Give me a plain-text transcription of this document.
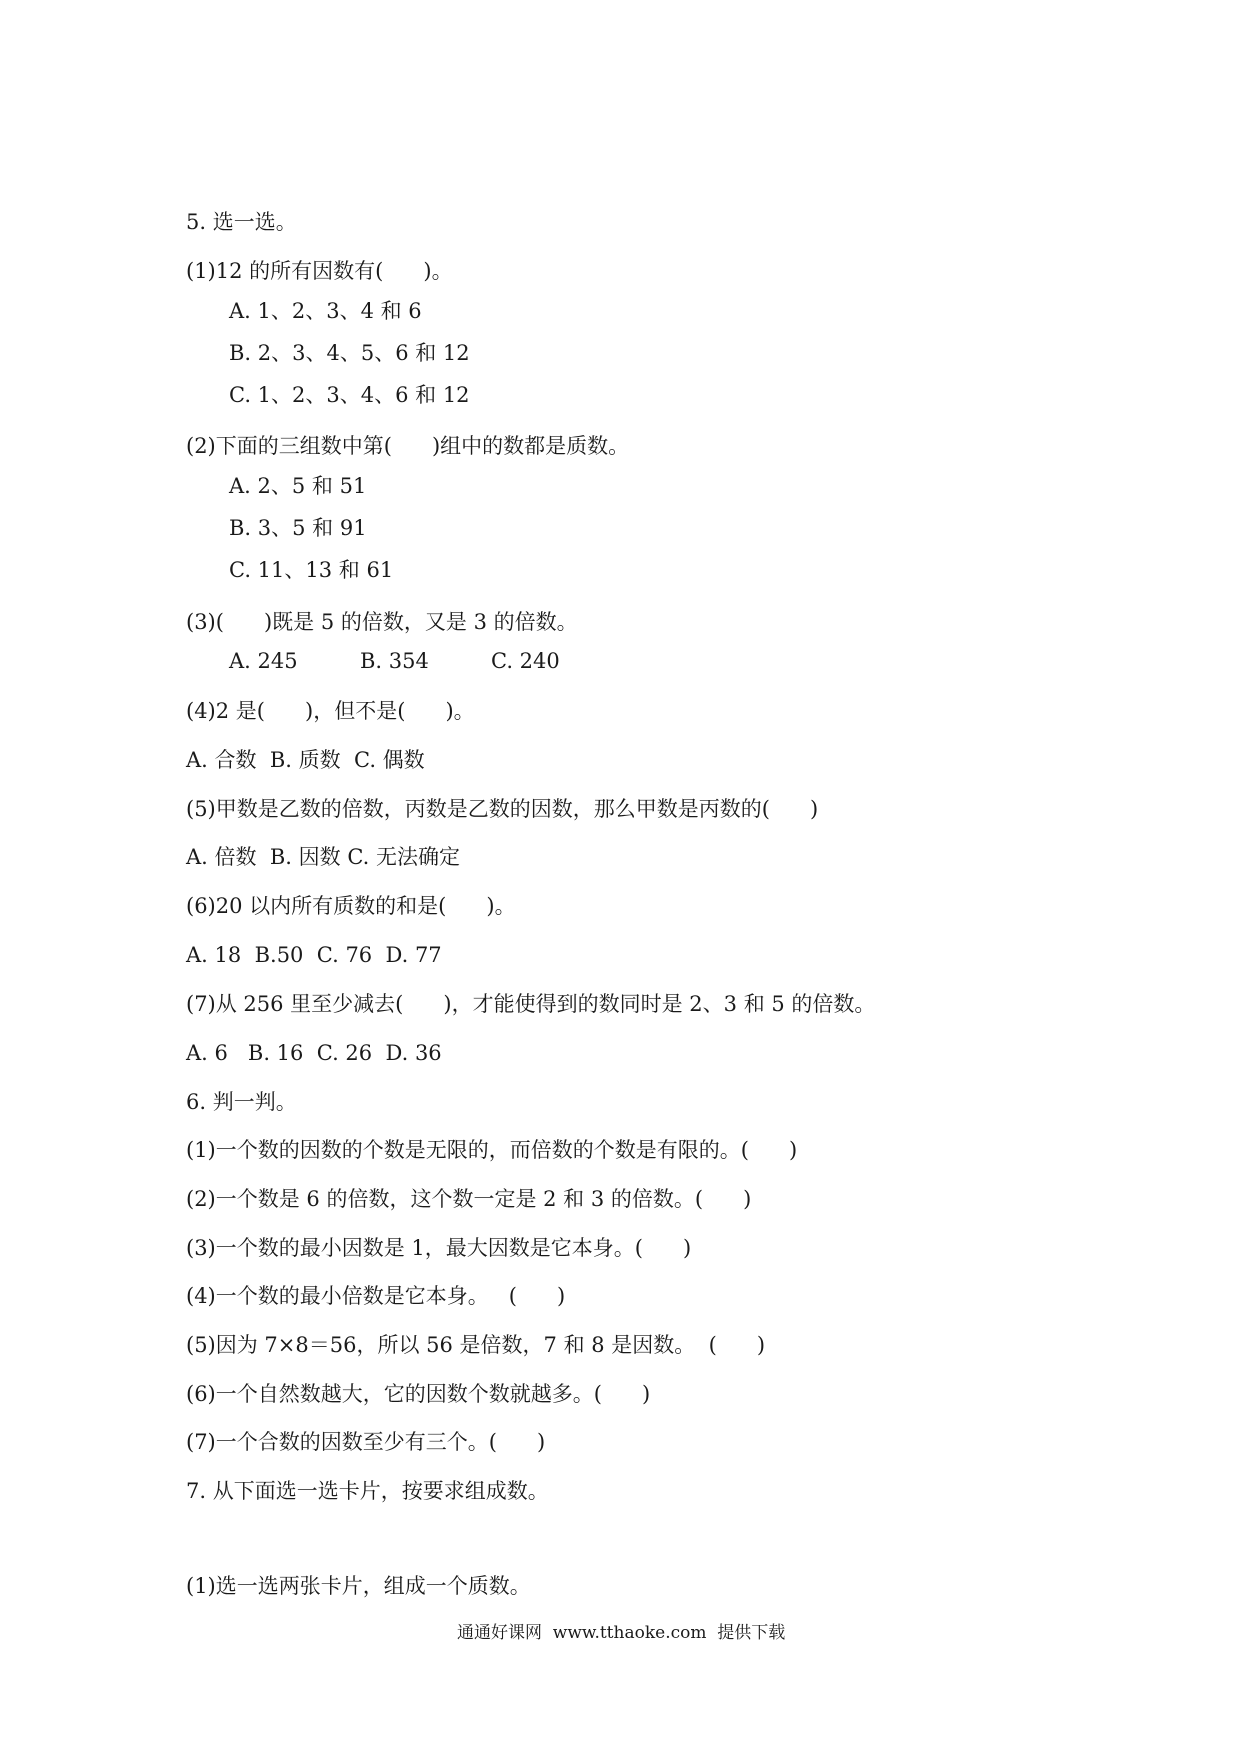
5. 选一选。
(1)12 的所有因数有(      )。
A. 1、2、3、4 和 6
B. 2、3、4、5、6 和 12
C. 1、2、3、4、6 和 12
(2)下面的三组数中第(      )组中的数都是质数。
A. 2、5 和 51
B. 3、5 和 91
C. 11、13 和 61
(3)(      )既是 5 的倍数，又是 3 的倍数。
A. 245	B. 354	C. 240
(4)2 是(      )，但不是(      )。
A. 合数  B. 质数  C. 偶数
(5)甲数是乙数的倍数，丙数是乙数的因数，那么甲数是丙数的(      )
A. 倍数  B. 因数 C. 无法确定
(6)20 以内所有质数的和是(      )。
A. 18  B.50  C. 76  D. 77
(7)从 256 里至少减去(      )，才能使得到的数同时是 2、3 和 5 的倍数。
A. 6   B. 16  C. 26  D. 36
6. 判一判。
(1)一个数的因数的个数是无限的，而倍数的个数是有限的。(      )
(2)一个数是 6 的倍数，这个数一定是 2 和 3 的倍数。(      )
(3)一个数的最小因数是 1，最大因数是它本身。(      )
(4)一个数的最小倍数是它本身。   (      )
(5)因为 7×8＝56，所以 56 是倍数，7 和 8 是因数。  (      )
(6)一个自然数越大，它的因数个数就越多。(      )
(7)一个合数的因数至少有三个。(      )
7. 从下面选一选卡片，按要求组成数。
(1)选一选两张卡片，组成一个质数。
通通好课网  www.tthaoke.com  提供下载
